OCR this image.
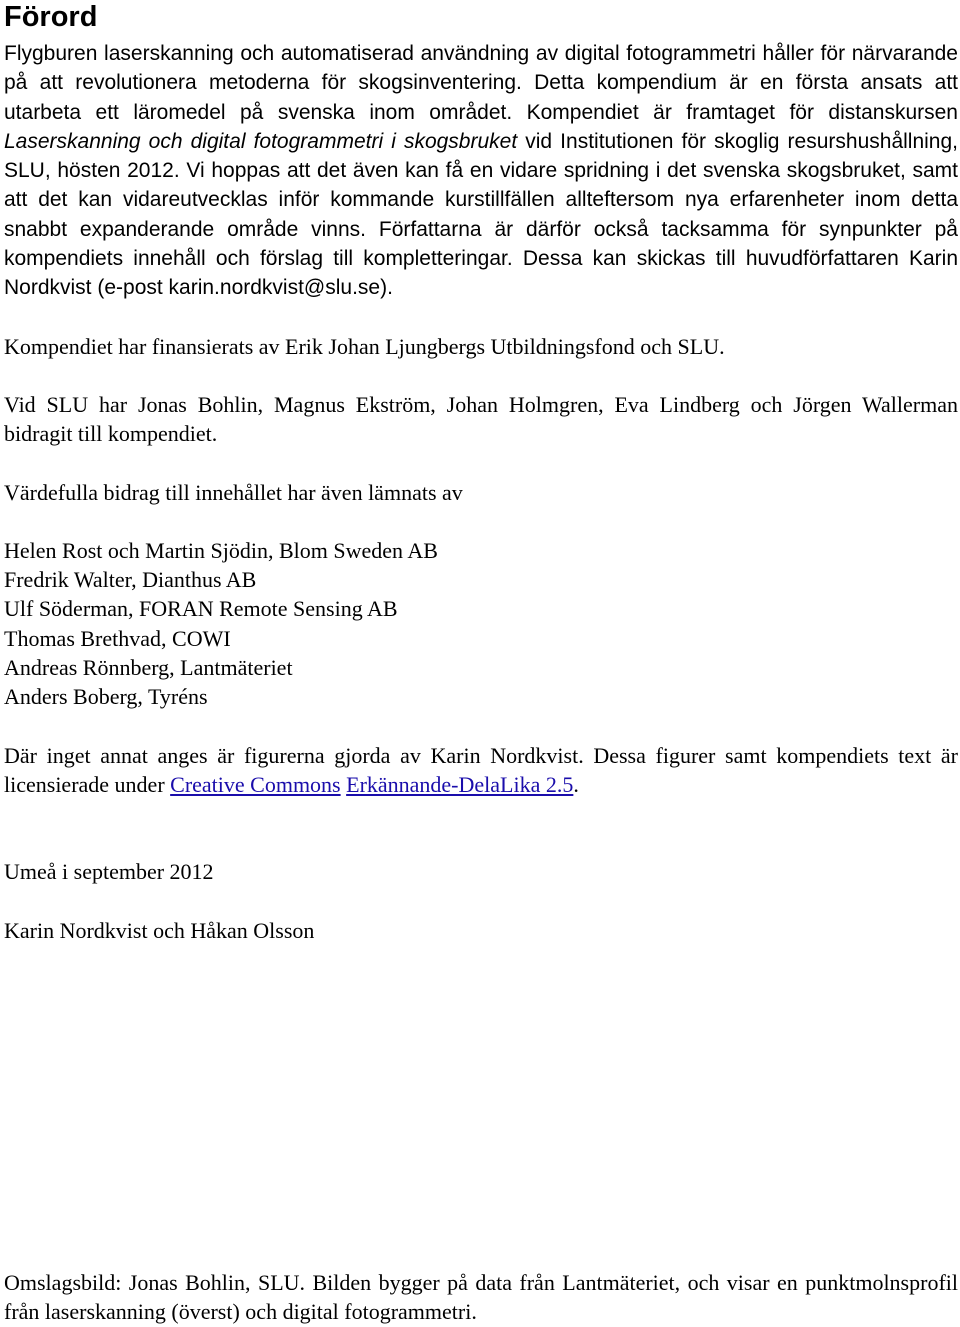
Förord

Flygburen laserskanning och automatiserad användning av digital fotogrammetri håller för närvarande på att revolutionera metoderna för skogsinventering. Detta kompendium är en första ansats att utarbeta ett läromedel på svenska inom området. Kompendiet är framtaget för distanskursen Laserskanning och digital fotogrammetri i skogsbruket vid Institutionen för skoglig resurshushållning, SLU, hösten 2012. Vi hoppas att det även kan få en vidare spridning i det svenska skogsbruket, samt att det kan vidareutvecklas inför kommande kurstillfällen allteftersom nya erfarenheter inom detta snabbt expanderande område vinns. Författarna är därför också tacksamma för synpunkter på kompendiets innehåll och förslag till kompletteringar. Dessa kan skickas till huvudförfattaren Karin Nordkvist (e-post karin.nordkvist@slu.se).

Kompendiet har finansierats av Erik Johan Ljungbergs Utbildningsfond och SLU.

Vid SLU har Jonas Bohlin, Magnus Ekström, Johan Holmgren, Eva Lindberg och Jörgen Wallerman bidragit till kompendiet.

Värdefulla bidrag till innehållet har även lämnats av

Helen Rost och Martin Sjödin, Blom Sweden AB
Fredrik Walter, Dianthus AB
Ulf Söderman, FORAN Remote Sensing AB
Thomas Brethvad, COWI
Andreas Rönnberg, Lantmäteriet
Anders Boberg, Tyréns

Där inget annat anges är figurerna gjorda av Karin Nordkvist. Dessa figurer samt kompendiets text är licensierade under Creative Commons Erkännande-DelaLika 2.5.

Umeå i september 2012

Karin Nordkvist och Håkan Olsson

Omslagsbild: Jonas Bohlin, SLU. Bilden bygger på data från Lantmäteriet, och visar en punktmolnsprofil från laserskanning (överst) och digital fotogrammetri.
